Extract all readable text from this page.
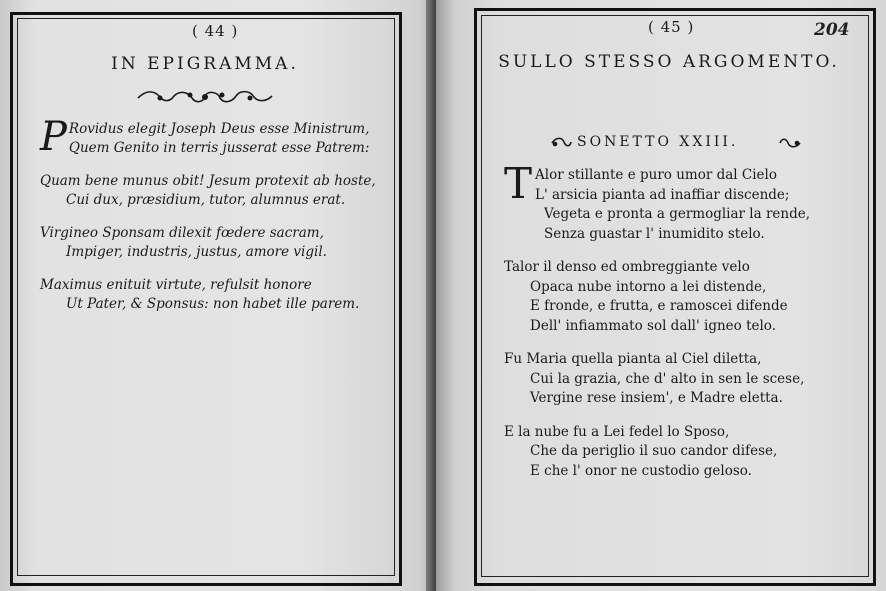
( 44 )
IN EPIGRAMMA.
P Rovidus elegit Joseph Deus esse Ministrum,
Quem Genito in terris jusserat esse Patrem:
Quam bene munus obit! Jesum protexit ab hoste,
Cui dux, præsidium, tutor, alumnus erat.
Virgineo Sponsam dilexit fœdere sacram,
Impiger, industris, justus, amore vigil.
Maximus enituit virtute, refulsit honore
Ut Pater, & Sponsus: non habet ille parem.
( 45 )	204
SULLO STESSO ARGOMENTO.
SONETTO XXIII.
T Alor stillante e puro umor dal Cielo
L' arsicia pianta ad inaffiar discende;
Vegeta e pronta a germogliar la rende,
Senza guastar l' inumidito stelo.
Talor il denso ed ombreggiante velo
Opaca nube intorno a lei distende,
E fronde, e frutta, e ramoscei difende
Dell' infiammato sol dall' igneo telo.
Fu Maria quella pianta al Ciel diletta,
Cui la grazia, che d' alto in sen le scese,
Vergine rese insiem', e Madre eletta.
E la nube fu a Lei fedel lo Sposo,
Che da periglio il suo candor difese,
E che l' onor ne custodio geloso.
